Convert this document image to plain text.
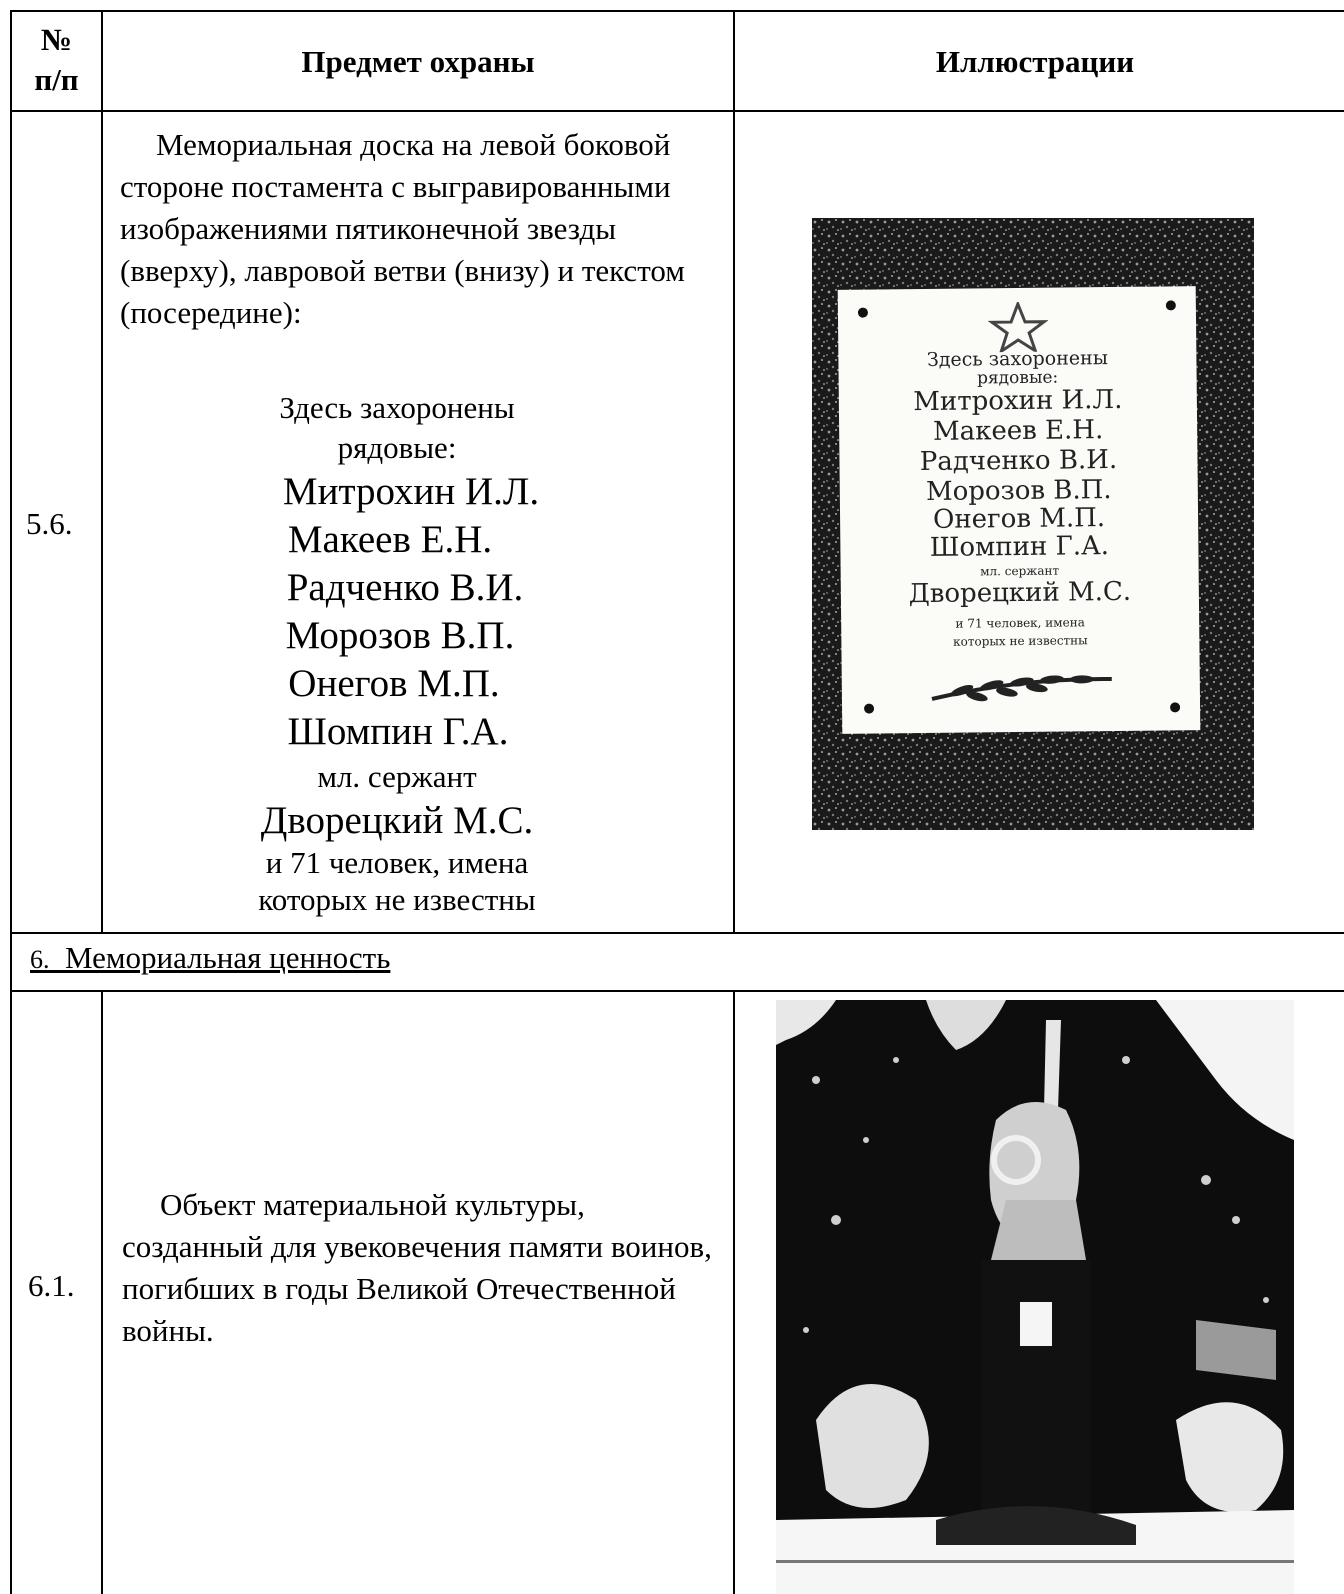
№
п/п
Предмет охраны	Иллюстрации
5.6.
Мемориальная доска на левой боковой стороне постамента с выгравированными изображениями пятиконечной звезды (вверху), лавровой ветви (внизу) и текстом (посередине):
Здесь захоронены
рядовые:
Митрохин И.Л.
Макеев Е.Н.
Радченко В.И.
Морозов В.П.
Онегов М.П.
Шомпин Г.А.
мл. сержант
Дворецкий М.С.
и 71 человек, имена
которых не известны
Здесь захоронены
рядовые:
Митрохин И.Л.
Макеев Е.Н.
Радченко В.И.
Морозов В.П.
Онегов М.П.
Шомпин Г.А.
мл. сержант
Дворецкий М.С.
и 71 человек, имена
которых не известны
6. Мемориальная ценность
6.1.
Объект материальной культуры, созданный для увековечения памяти воинов, погибших в годы Великой Отечественной войны.
